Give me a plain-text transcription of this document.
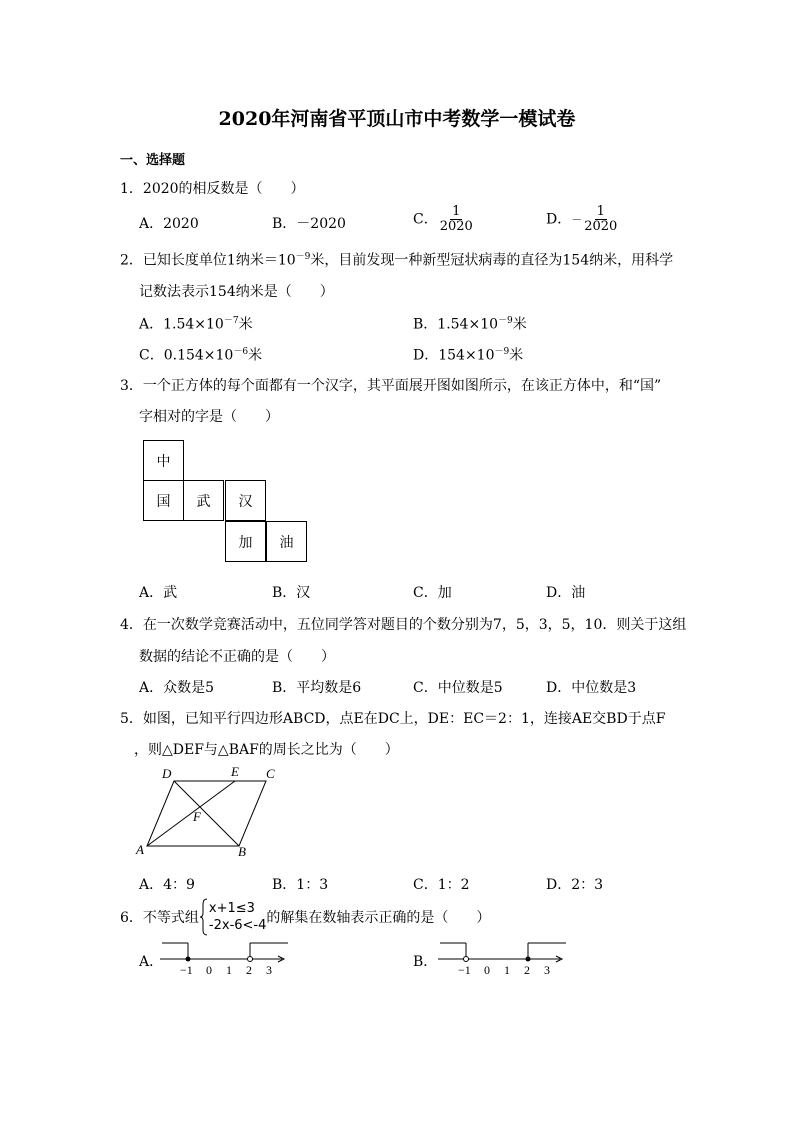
2020年河南省平顶山市中考数学一模试卷
一、选择题
1．2020的相反数是（　　）
A．2020	B．－2020	C． $\frac{1}{2020}$	D．－ $\frac{1}{2020}$
2．已知长度单位1纳米$=10^{-9}$米，目前发现一种新型冠状病毒的直径为154纳米，用科学
记数法表示154纳米是（　　）
A．$1.54\times 10^{-7}$米	B．$1.54\times 10^{-9}$米
C．$0.154\times 10^{-6}$米	D．$154\times 10^{-9}$米
3．一个正方体的每个面都有一个汉字，其平面展开图如图所示，在该正方体中，和“国”
字相对的字是（　　）
中
国	武	汉
加	油
A．武	B．汉	C．加	D．油
4．在一次数学竞赛活动中，五位同学答对题目的个数分别为7，5，3，5，10．则关于这组
数据的结论不正确的是（　　）
A．众数是5	B．平均数是6	C．中位数是5	D．中位数是3
5．如图，已知平行四边形ABCD，点E在DC上，DE：EC＝2：1，连接AE交BD于点F
，则△DEF与△BAF的周长之比为（　　）
D	E C
F
A	B
A．4：9	B．1：3	C．1：2	D．2：3
6．不等式组
x+1≤3
-2x-6<-4 的解集在数轴表示正确的是（　　）
A． −1 0 1 2 3	B． −1 0 1 2 3
